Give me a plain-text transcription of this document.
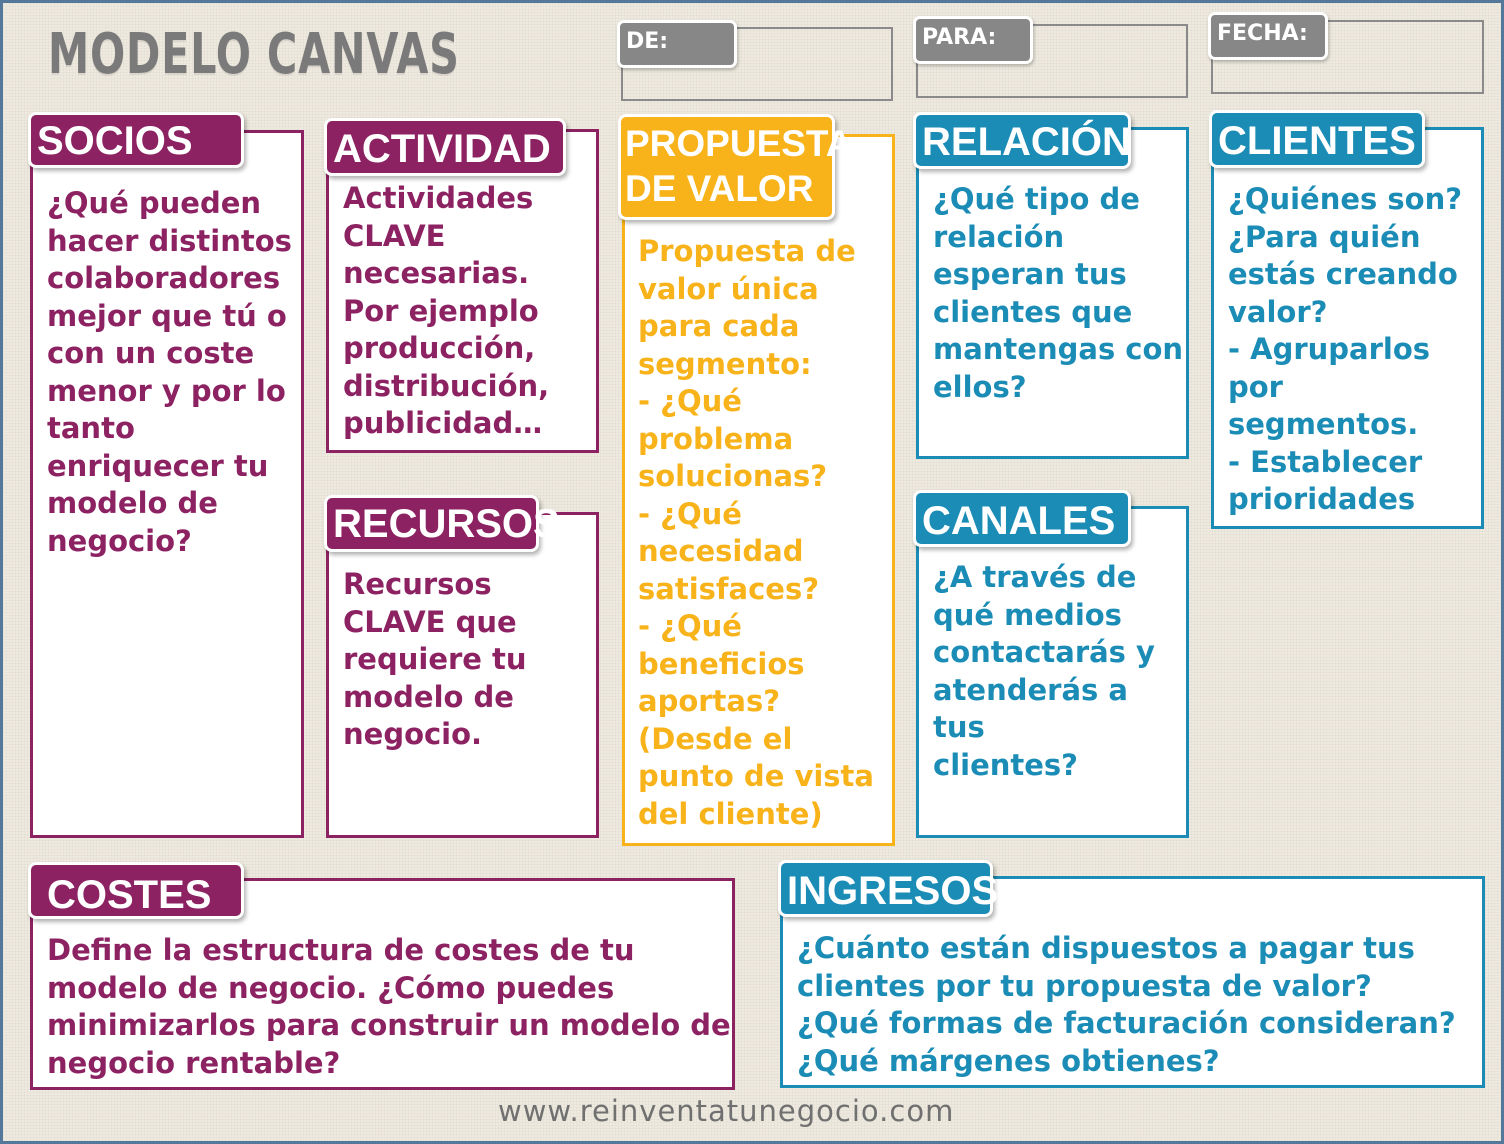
MODELO CANVAS	DE:	PARA:	FECHA:
SOCIOS
¿Qué pueden
hacer distintos
colaboradores
mejor que tú o
con un coste
menor y por lo
tanto
enriquecer tu
modelo de
negocio?
ACTIVIDAD
Actividades
CLAVE
necesarias.
Por ejemplo
producción,
distribución,
publicidad…
RECURSOS
Recursos
CLAVE que
requiere tu
modelo de
negocio.
PROPUESTA
DE VALOR
Propuesta de
valor única
para cada
segmento:
- ¿Qué
problema
solucionas?
- ¿Qué
necesidad
satisfaces?
- ¿Qué
beneficios
aportas?
(Desde el
punto de vista
del cliente)
RELACIÓN
¿Qué tipo de
relación
esperan tus
clientes que
mantengas con
ellos?
CANALES
¿A través de
qué medios
contactarás y
atenderás a tus
clientes?
CLIENTES
¿Quiénes son?
¿Para quién
estás creando
valor?
- Agruparlos
por segmentos.
- Establecer
prioridades
COSTES
Define la estructura de costes de tu
modelo de negocio. ¿Cómo puedes
minimizarlos para construir un modelo de
negocio rentable?
INGRESOS
¿Cuánto están dispuestos a pagar tus
clientes por tu propuesta de valor?
¿Qué formas de facturación consideran?
¿Qué márgenes obtienes?
www.reinventatunegocio.com
